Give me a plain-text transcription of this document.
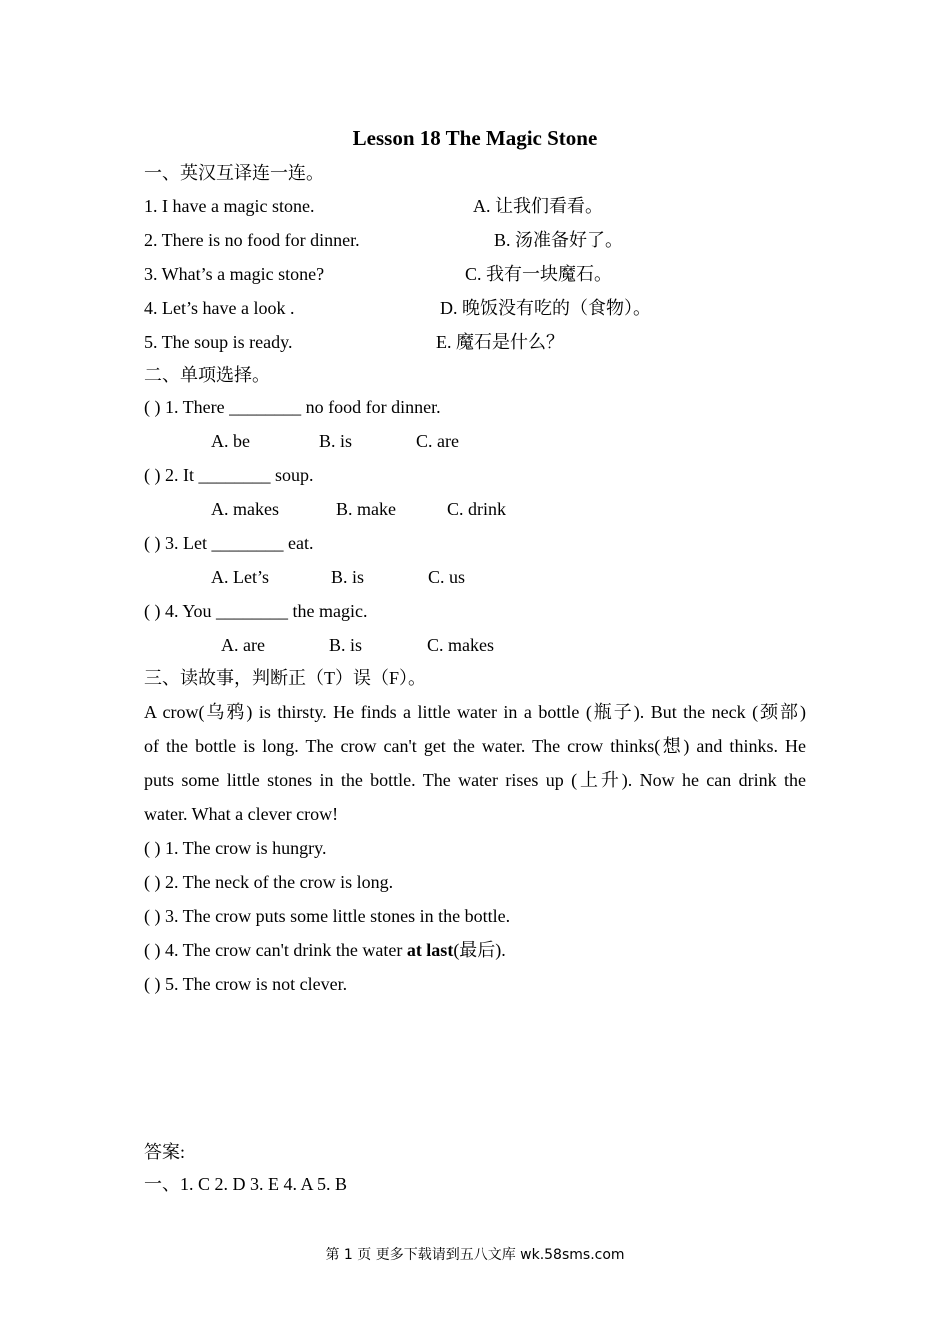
Lesson 18 The Magic Stone
一、英汉互译连一连。
1. I have a magic stone.	A. 让我们看看。
2. There is no food for dinner.	B. 汤准备好了。
3. What’s a magic stone?	C. 我有一块魔石。
4. Let’s have a look .	D. 晚饭没有吃的（食物）。
5. The soup is ready.	E. 魔石是什么？
二、单项选择。
( ) 1. There ________ no food for dinner.
A. be	B. is	C. are
( ) 2. It ________ soup.
A. makes	B. make	C. drink
( ) 3. Let ________ eat.
A. Let’s	B. is	C. us
( ) 4. You ________ the magic.
A. are	B. is	C. makes
三、读故事，判断正（T）误（F）。
A crow(乌鸦) is thirsty. He finds a little water in a bottle (瓶子). But the neck (颈部)
of the bottle is long. The crow can't get the water. The crow thinks(想) and thinks. He
puts some little stones in the bottle. The water rises up (上升). Now he can drink the
water. What a clever crow!
( ) 1. The crow is hungry.
( ) 2. The neck of the crow is long.
( ) 3. The crow puts some little stones in the bottle.
( ) 4. The crow can't drink the water at last(最后).
( ) 5. The crow is not clever.
答案:
一、1. C 2. D 3. E 4. A 5. B
第 1 页 更多下载请到五八文库 wk.58sms.com
